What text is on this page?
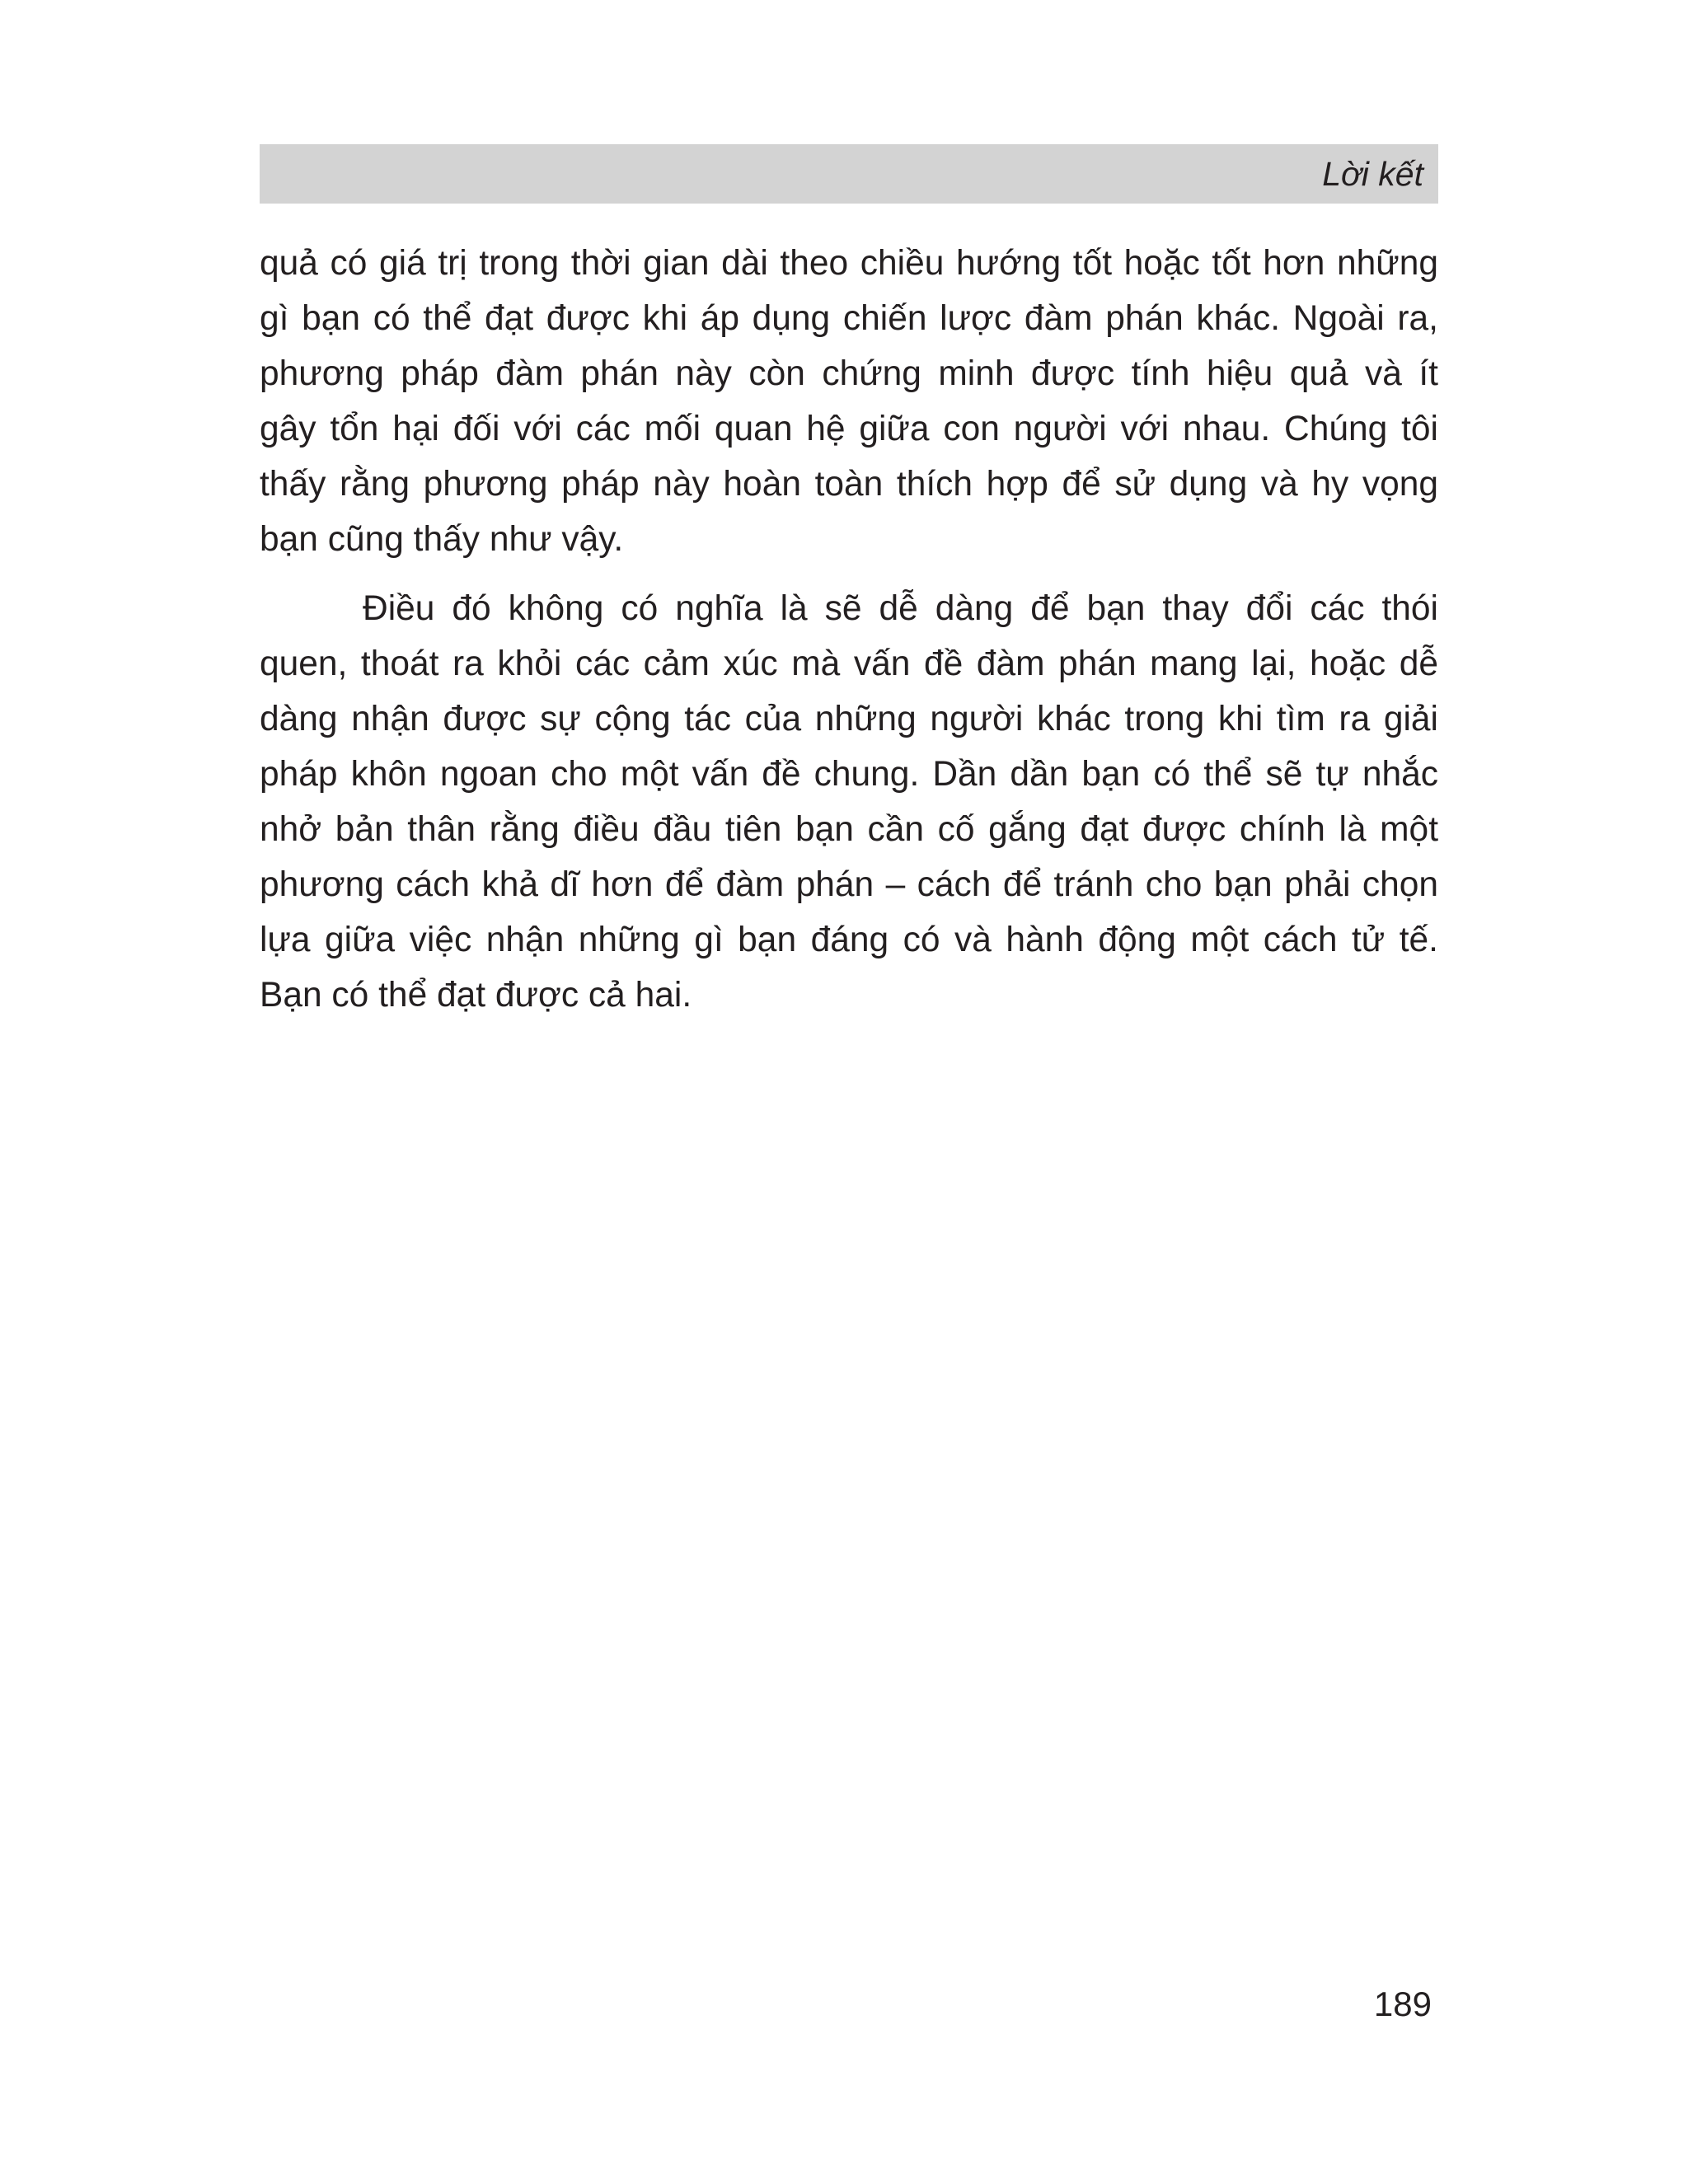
Lời kết
quả có giá trị trong thời gian dài theo chiều hướng tốt hoặc tốt hơn những
gì bạn có thể đạt được khi áp dụng chiến lược đàm phán khác. Ngoài ra,
phương pháp đàm phán này còn chứng minh được tính hiệu quả và ít
gây tổn hại đối với các mối quan hệ giữa con người với nhau. Chúng tôi
thấy rằng phương pháp này hoàn toàn thích hợp để sử dụng và hy vọng
bạn cũng thấy như vậy.
Điều đó không có nghĩa là sẽ dễ dàng để bạn thay đổi các thói
quen, thoát ra khỏi các cảm xúc mà vấn đề đàm phán mang lại, hoặc dễ
dàng nhận được sự cộng tác của những người khác trong khi tìm ra giải
pháp khôn ngoan cho một vấn đề chung. Dần dần bạn có thể sẽ tự nhắc
nhở bản thân rằng điều đầu tiên bạn cần cố gắng đạt được chính là một
phương cách khả dĩ hơn để đàm phán – cách để tránh cho bạn phải chọn
lựa giữa việc nhận những gì bạn đáng có và hành động một cách tử tế.
Bạn có thể đạt được cả hai.
189
